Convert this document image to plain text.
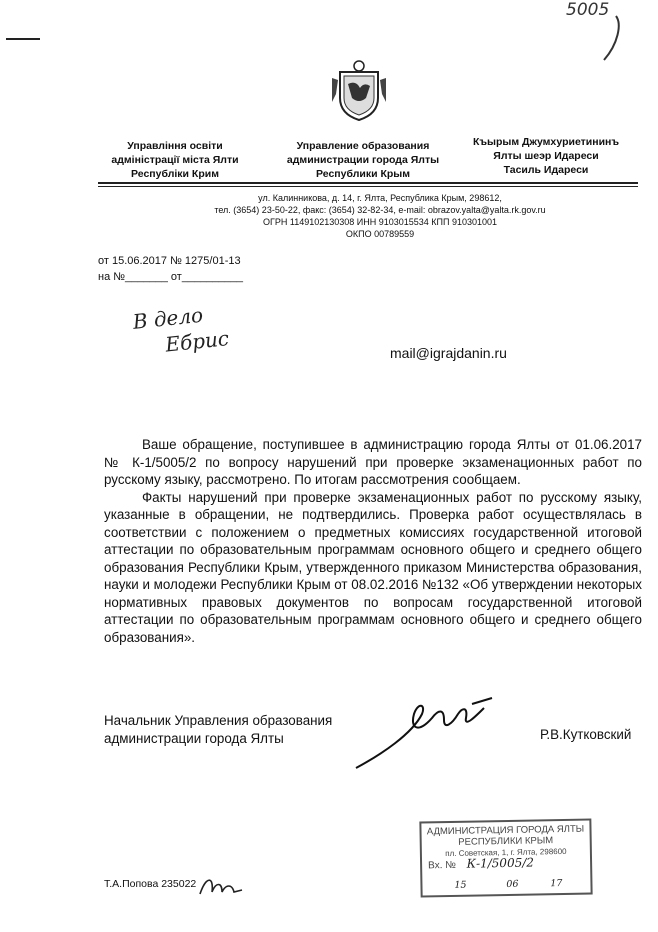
5005
Управління освіти
адміністрації міста Ялти
Республіки Крим
Управление образования
администрации города Ялты
Республики Крым
Къырым Джумхуриетининъ
Ялты шеэр Идареси
Тасиль Идареси
ул. Калинникова, д. 14, г. Ялта, Республика Крым, 298612,
тел. (3654) 23-50-22, факс: (3654) 32-82-34, e-mail: obrazov.yalta@yalta.rk.gov.ru
ОГРН 1149102130308 ИНН 9103015534 КПП 910301001
ОКПО 00789559
от 15.06.2017 № 1275/01-13
на №_______ от__________
В дело
Ебрис	mail@igrajdanin.ru

Ваше обращение, поступившее в администрацию города Ялты от 01.06.2017 № К-1/5005/2 по вопросу нарушений при проверке экзаменационных работ по русскому языку, рассмотрено. По итогам рассмотрения сообщаем.

Факты нарушений при проверке экзаменационных работ по русскому языку, указанные в обращении, не подтвердились. Проверка работ осуществлялась в соответствии с положением о предметных комиссиях государственной итоговой аттестации по образовательным программам основного общего и среднего общего образования Республики Крым, утвержденного приказом Министерства образования, науки и молодежи Республики Крым от 08.02.2016 №132 «Об утверждении некоторых нормативных правовых документов по вопросам государственной итоговой аттестации по образовательным программам основного общего и среднего общего образования».

Начальник Управления образования
администрации города Ялты	Р.В.Кутковский
Т.А.Попова 235022
АДМИНИСТРАЦИЯ ГОРОДА ЯЛТЫ
РЕСПУБЛИКИ КРЫМ
пл. Советская, 1, г. Ялта, 298600
Вх. № К-1/5005/2
15	06	17
